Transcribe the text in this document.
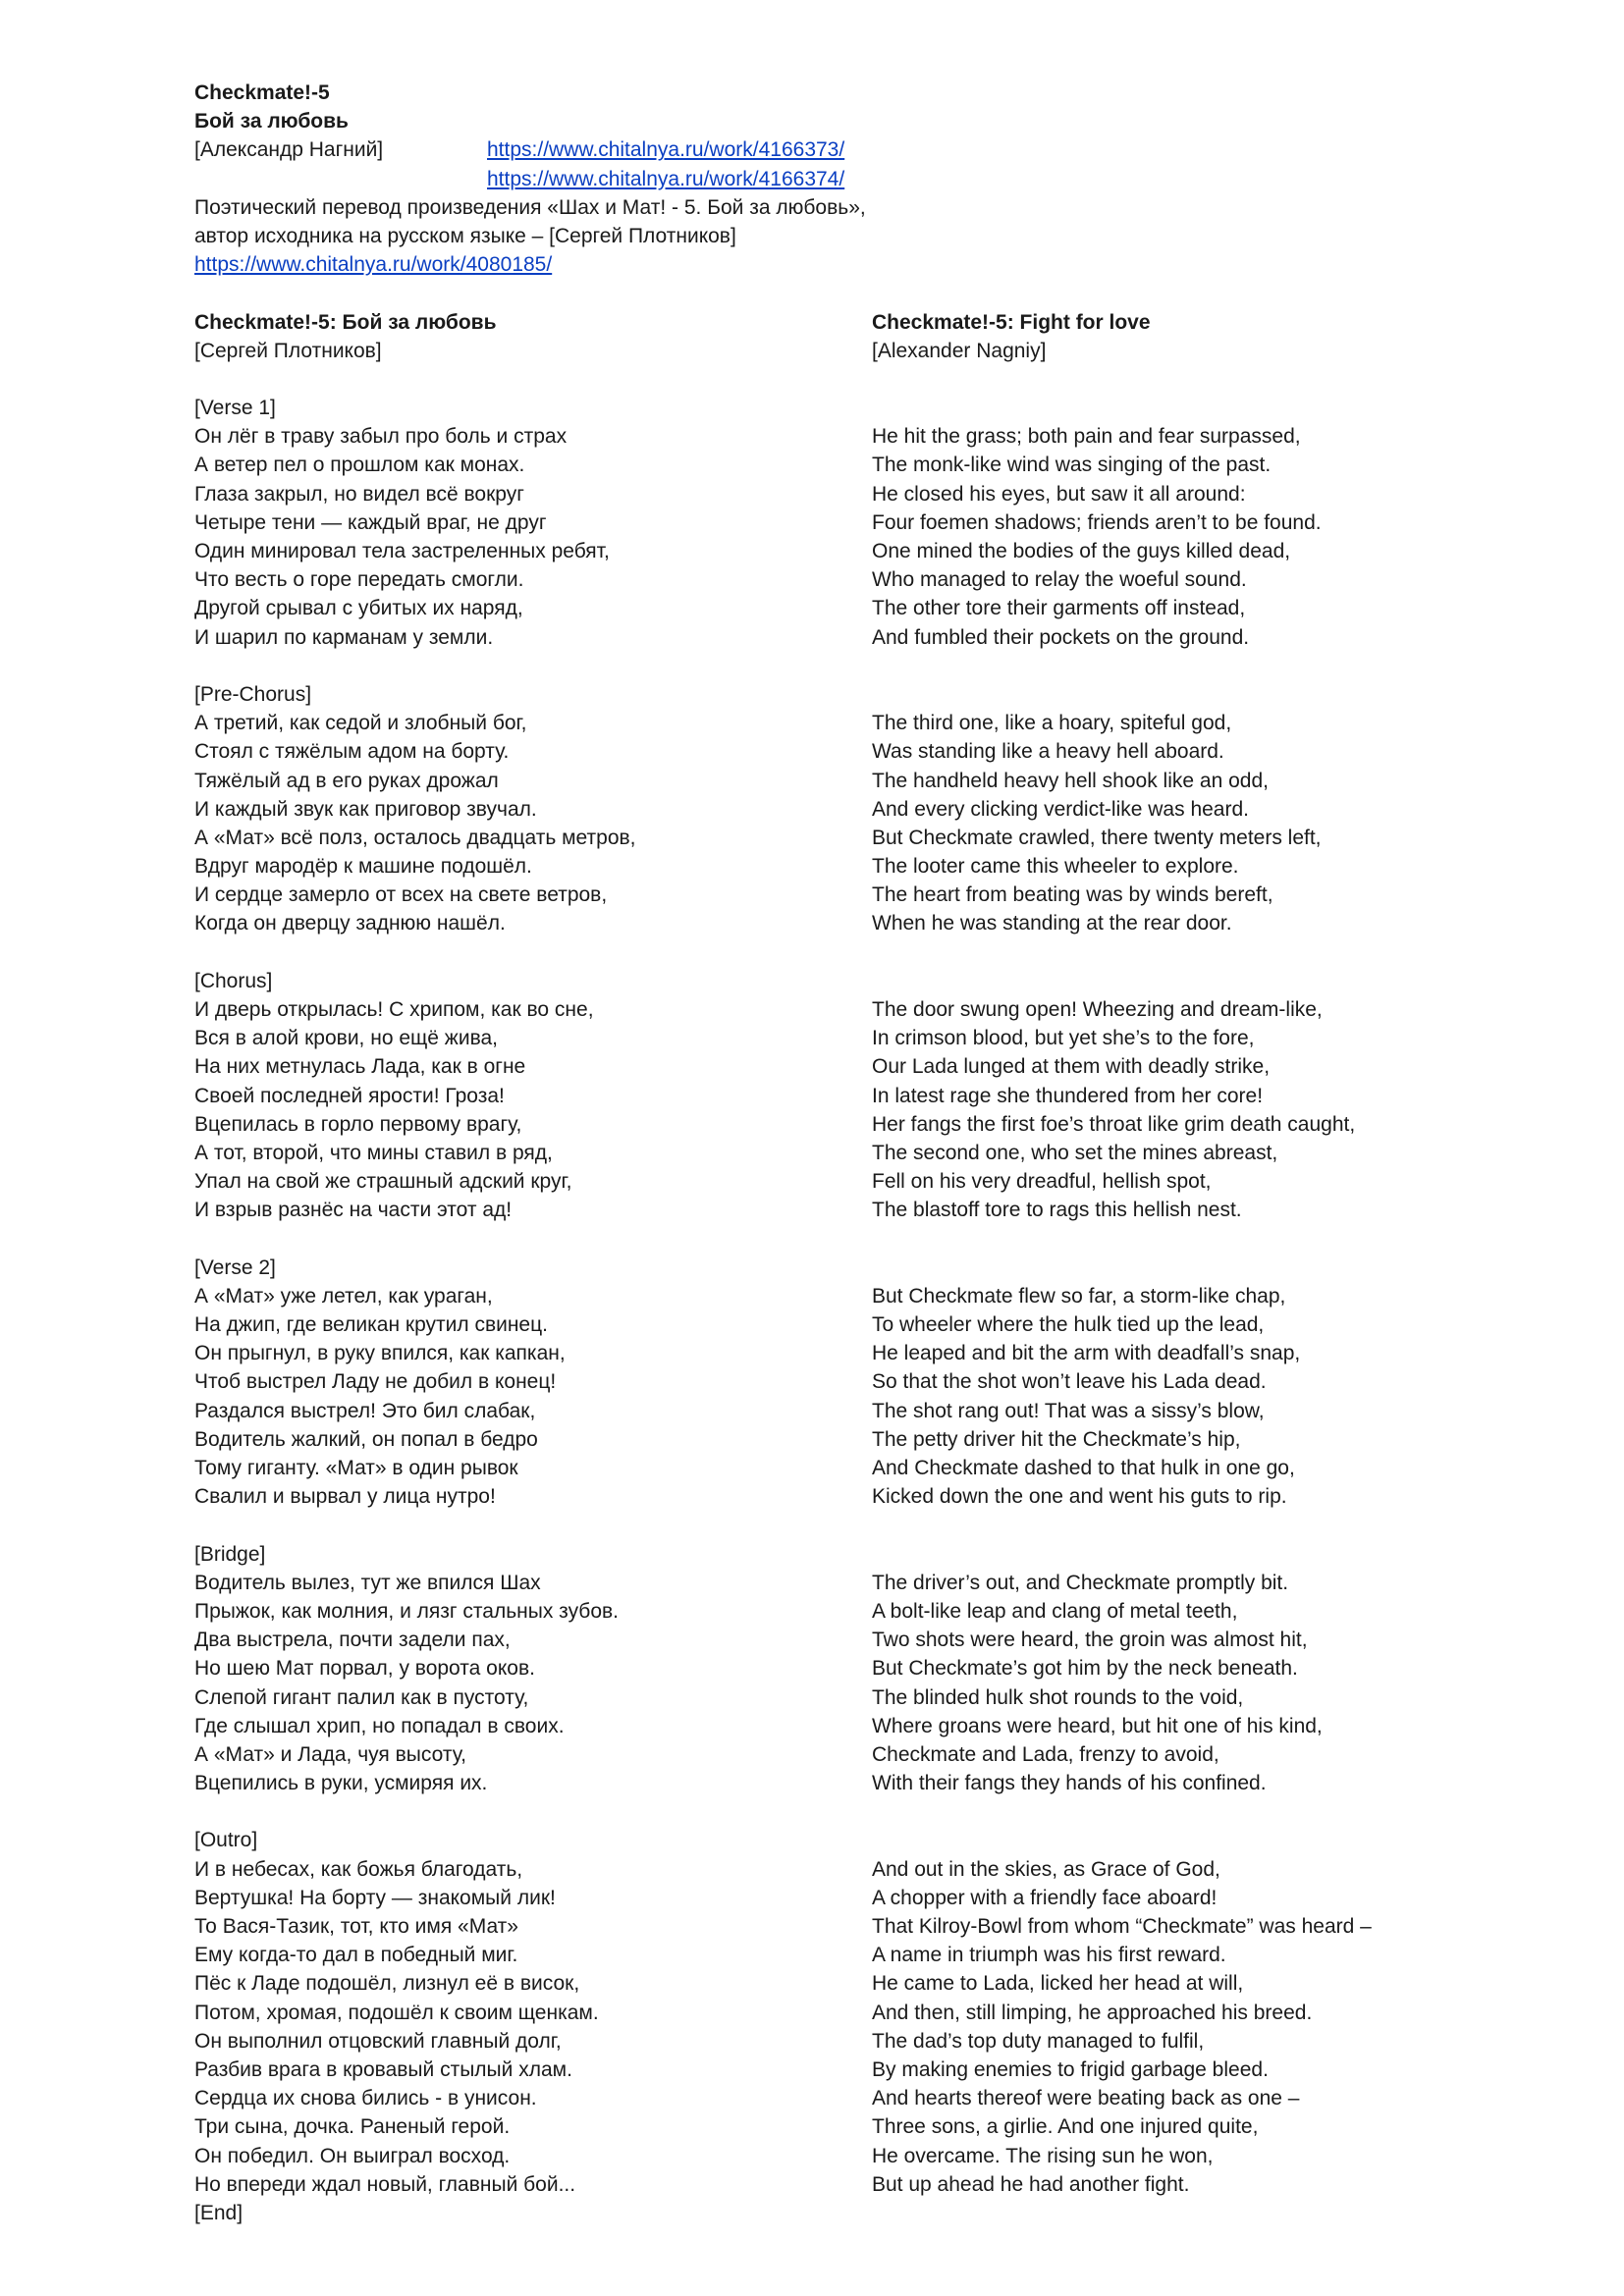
Checkmate!-5
Бой за любовь
[Александр Нагний]	https://www.chitalnya.ru/work/4166373/
https://www.chitalnya.ru/work/4166374/
Поэтический перевод произведения «Шах и Мат! - 5. Бой за любовь»,
автор исходника на русском языке – [Сергей Плотников]
https://www.chitalnya.ru/work/4080185/
Checkmate!-5: Бой за любовь
[Сергей Плотников]
[Verse 1]
Он лёг в траву забыл про боль и страх
А ветер пел о прошлом как монах.
Глаза закрыл, но видел всё вокруг
Четыре тени — каждый враг, не друг
Один минировал тела застреленных ребят,
Что весть о горе передать смогли.
Другой срывал с убитых их наряд,
И шарил по карманам у земли.
[Pre-Chorus]
А третий, как седой и злобный бог,
Стоял с тяжёлым адом на борту.
Тяжёлый ад в его руках дрожал
И каждый звук как приговор звучал.
А «Мат» всё полз, осталось двадцать метров,
Вдруг мародёр к машине подошёл.
И сердце замерло от всех на свете ветров,
Когда он дверцу заднюю нашёл.
[Chorus]
И дверь открылась! С хрипом, как во сне,
Вся в алой крови, но ещё жива,
На них метнулась Лада, как в огне
Своей последней ярости! Гроза!
Вцепилась в горло первому врагу,
А тот, второй, что мины ставил в ряд,
Упал на свой же страшный адский круг,
И взрыв разнёс на части этот ад!
[Verse 2]
А «Мат» уже летел, как ураган,
На джип, где великан крутил свинец.
Он прыгнул, в руку впился, как капкан,
Чтоб выстрел Ладу не добил в конец!
Раздался выстрел! Это бил слабак,
Водитель жалкий, он попал в бедро
Тому гиганту. «Мат» в один рывок
Свалил и вырвал у лица нутро!
[Bridge]
Водитель вылез, тут же впился Шах
Прыжок, как молния, и лязг стальных зубов.
Два выстрела, почти задели пах,
Но шею Мат порвал, у ворота оков.
Слепой гигант палил как в пустоту,
Где слышал хрип, но попадал в своих.
А «Мат» и Лада, чуя высоту,
Вцепились в руки, усмиряя их.
[Outro]
И в небесах, как божья благодать,
Вертушка! На борту — знакомый лик!
То Вася-Тазик, тот, кто имя «Мат»
Ему когда-то дал в победный миг.
Пёс к Ладе подошёл, лизнул её в висок,
Потом, хромая, подошёл к своим щенкам.
Он выполнил отцовский главный долг,
Разбив врага в кровавый стылый хлам.
Сердца их снова бились - в унисон.
Три сына, дочка. Раненый герой.
Он победил. Он выиграл восход.
Но впереди ждал новый, главный бой...
[End]
Checkmate!-5: Fight for love
[Alexander Nagniy]
He hit the grass; both pain and fear surpassed,
The monk-like wind was singing of the past.
He closed his eyes, but saw it all around:
Four foemen shadows; friends aren’t to be found.
One mined the bodies of the guys killed dead,
Who managed to relay the woeful sound.
The other tore their garments off instead,
And fumbled their pockets on the ground.
The third one, like a hoary, spiteful god,
Was standing like a heavy hell aboard.
The handheld heavy hell shook like an odd,
And every clicking verdict-like was heard.
But Checkmate crawled, there twenty meters left,
The looter came this wheeler to explore.
The heart from beating was by winds bereft,
When he was standing at the rear door.
The door swung open! Wheezing and dream-like,
In crimson blood, but yet she’s to the fore,
Our Lada lunged at them with deadly strike,
In latest rage she thundered from her core!
Her fangs the first foe’s throat like grim death caught,
The second one, who set the mines abreast,
Fell on his very dreadful, hellish spot,
The blastoff tore to rags this hellish nest.
But Checkmate flew so far, a storm-like chap,
To wheeler where the hulk tied up the lead,
He leaped and bit the arm with deadfall’s snap,
So that the shot won’t leave his Lada dead.
The shot rang out! That was a sissy’s blow,
The petty driver hit the Checkmate’s hip,
And Checkmate dashed to that hulk in one go,
Kicked down the one and went his guts to rip.
The driver’s out, and Checkmate promptly bit.
A bolt-like leap and clang of metal teeth,
Two shots were heard, the groin was almost hit,
But Checkmate’s got him by the neck beneath.
The blinded hulk shot rounds to the void,
Where groans were heard, but hit one of his kind,
Checkmate and Lada, frenzy to avoid,
With their fangs they hands of his confined.
And out in the skies, as Grace of God,
A chopper with a friendly face aboard!
That Kilroy-Bowl from whom “Checkmate” was heard –
A name in triumph was his first reward.
He came to Lada, licked her head at will,
And then, still limping, he approached his breed.
The dad’s top duty managed to fulfil,
By making enemies to frigid garbage bleed.
And hearts thereof were beating back as one –
Three sons, a girlie. And one injured quite,
He overcame. The rising sun he won,
But up ahead he had another fight.
